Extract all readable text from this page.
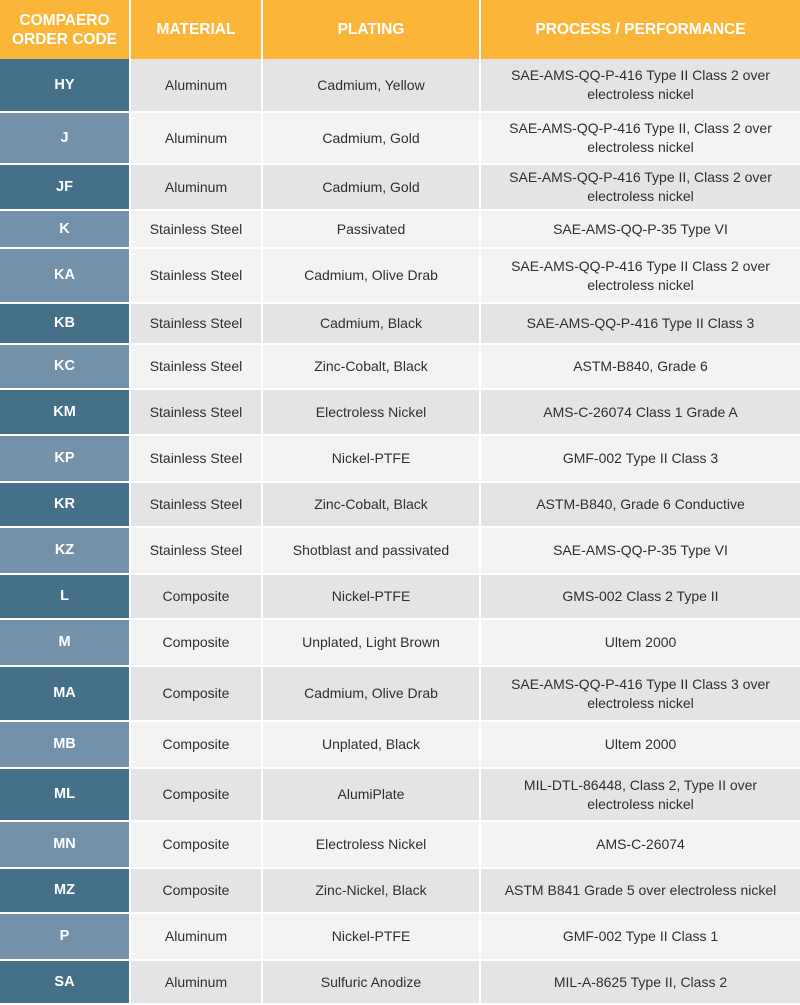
COMPAERO ORDER CODE	MATERIAL	PLATING	PROCESS / PERFORMANCE
HY	Aluminum	Cadmium, Yellow	SAE-AMS-QQ-P-416 Type II Class 2 over electroless nickel
J	Aluminum	Cadmium, Gold	SAE-AMS-QQ-P-416 Type II, Class 2 over electroless nickel
JF	Aluminum	Cadmium, Gold	SAE-AMS-QQ-P-416 Type II, Class 2 over electroless nickel
K	Stainless Steel	Passivated	SAE-AMS-QQ-P-35 Type VI
KA	Stainless Steel	Cadmium, Olive Drab	SAE-AMS-QQ-P-416 Type II Class 2 over electroless nickel
KB	Stainless Steel	Cadmium, Black	SAE-AMS-QQ-P-416 Type II Class 3
KC	Stainless Steel	Zinc-Cobalt, Black	ASTM-B840, Grade 6
KM	Stainless Steel	Electroless Nickel	AMS-C-26074 Class 1 Grade A
KP	Stainless Steel	Nickel-PTFE	GMF-002 Type II Class 3
KR	Stainless Steel	Zinc-Cobalt, Black	ASTM-B840, Grade 6 Conductive
KZ	Stainless Steel	Shotblast and passivated	SAE-AMS-QQ-P-35 Type VI
L	Composite	Nickel-PTFE	GMS-002 Class 2 Type II
M	Composite	Unplated, Light Brown	Ultem 2000
MA	Composite	Cadmium, Olive Drab	SAE-AMS-QQ-P-416 Type II Class 3 over electroless nickel
MB	Composite	Unplated, Black	Ultem 2000
ML	Composite	AlumiPlate	MIL-DTL-86448, Class 2, Type II over electroless nickel
MN	Composite	Electroless Nickel	AMS-C-26074
MZ	Composite	Zinc-Nickel, Black	ASTM B841 Grade 5 over electroless nickel
P	Aluminum	Nickel-PTFE	GMF-002 Type II Class 1
SA	Aluminum	Sulfuric Anodize	MIL-A-8625 Type II, Class 2
